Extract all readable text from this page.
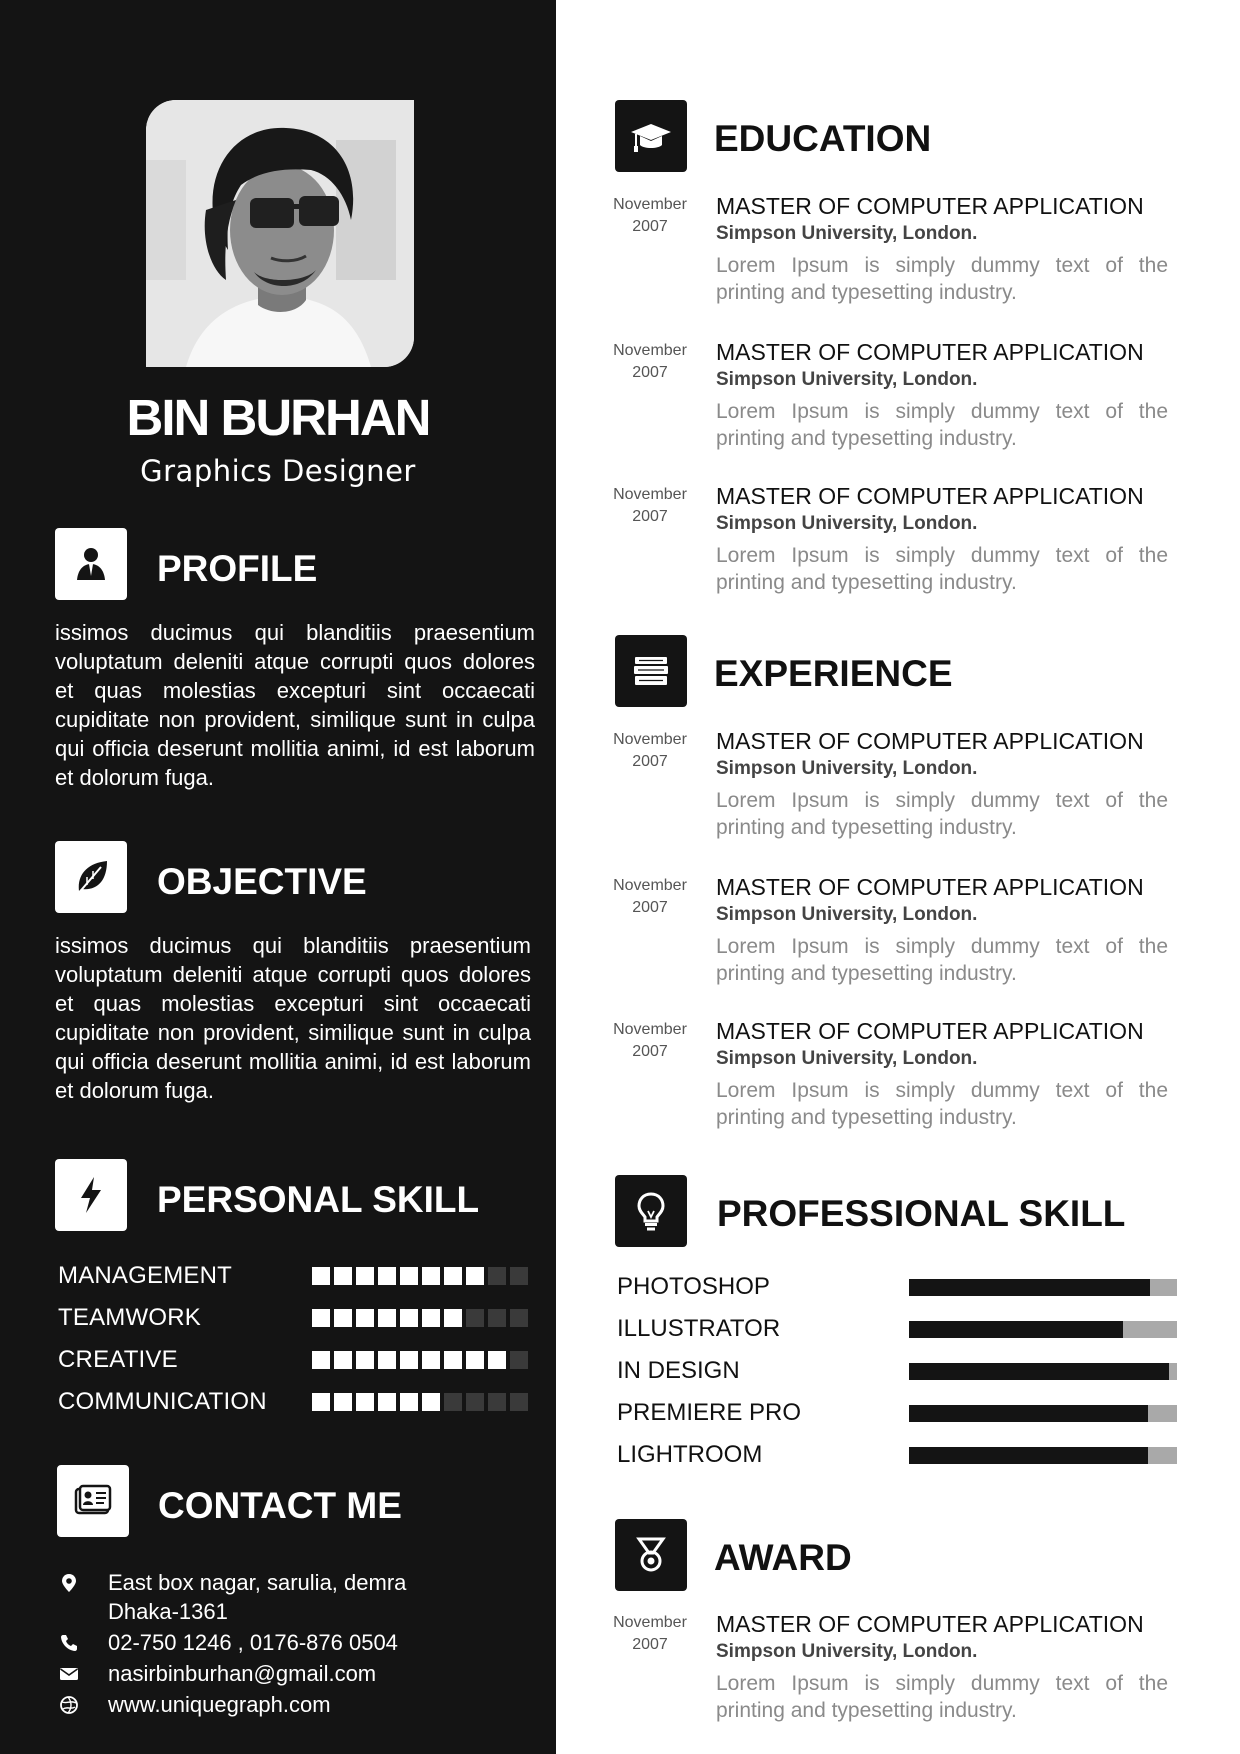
BIN BURHAN
Graphics Designer
PROFILE
issimos ducimus qui blanditiis praesentium voluptatum deleniti atque corrupti quos dolores et quas molestias excepturi sint occaecati cupiditate non provident, similique sunt in culpa qui officia deserunt mollitia animi, id est laborum et dolorum fuga.
OBJECTIVE
issimos ducimus qui blanditiis praesentium voluptatum deleniti atque corrupti quos dolores et quas molestias excepturi sint occaecati cupiditate non provident, similique sunt in culpa qui officia deserunt mollitia animi, id est laborum et dolorum fuga.
PERSONAL SKILL
MANAGEMENT
TEAMWORK
CREATIVE
COMMUNICATION
CONTACT ME
East box nagar, sarulia, demra
Dhaka-1361
02-750 1246 , 0176-876 0504
nasirbinburhan@gmail.com
www.uniquegraph.com
EDUCATION
November
2007
MASTER OF COMPUTER APPLICATION
Simpson University, London.
Lorem Ipsum is simply dummy text of the printing and typesetting industry.
November
2007
MASTER OF COMPUTER APPLICATION
Simpson University, London.
Lorem Ipsum is simply dummy text of the printing and typesetting industry.
November
2007
MASTER OF COMPUTER APPLICATION
Simpson University, London.
Lorem Ipsum is simply dummy text of the printing and typesetting industry.
EXPERIENCE
November
2007
MASTER OF COMPUTER APPLICATION
Simpson University, London.
Lorem Ipsum is simply dummy text of the printing and typesetting industry.
November
2007
MASTER OF COMPUTER APPLICATION
Simpson University, London.
Lorem Ipsum is simply dummy text of the printing and typesetting industry.
November
2007
MASTER OF COMPUTER APPLICATION
Simpson University, London.
Lorem Ipsum is simply dummy text of the printing and typesetting industry.
PROFESSIONAL SKILL
PHOTOSHOP
ILLUSTRATOR
IN DESIGN
PREMIERE PRO
LIGHTROOM
AWARD
November
2007
MASTER OF COMPUTER APPLICATION
Simpson University, London.
Lorem Ipsum is simply dummy text of the printing and typesetting industry.
